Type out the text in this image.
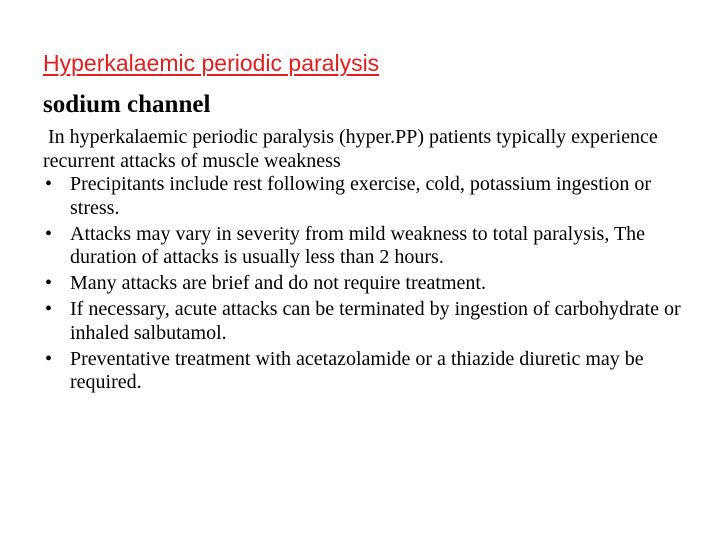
Hyperkalaemic periodic paralysis
sodium channel

In hyperkalaemic periodic paralysis (hyper.PP) patients typically experience recurrent attacks of muscle weakness

• Precipitants include rest following exercise, cold, potassium ingestion or stress.
• Attacks may vary in severity from mild weakness to total paralysis, The duration of attacks is usually less than 2 hours.
• Many attacks are brief and do not require treatment.
• If necessary, acute attacks can be terminated by ingestion of carbohydrate or inhaled salbutamol.
• Preventative treatment with acetazolamide or a thiazide diuretic may be required.
